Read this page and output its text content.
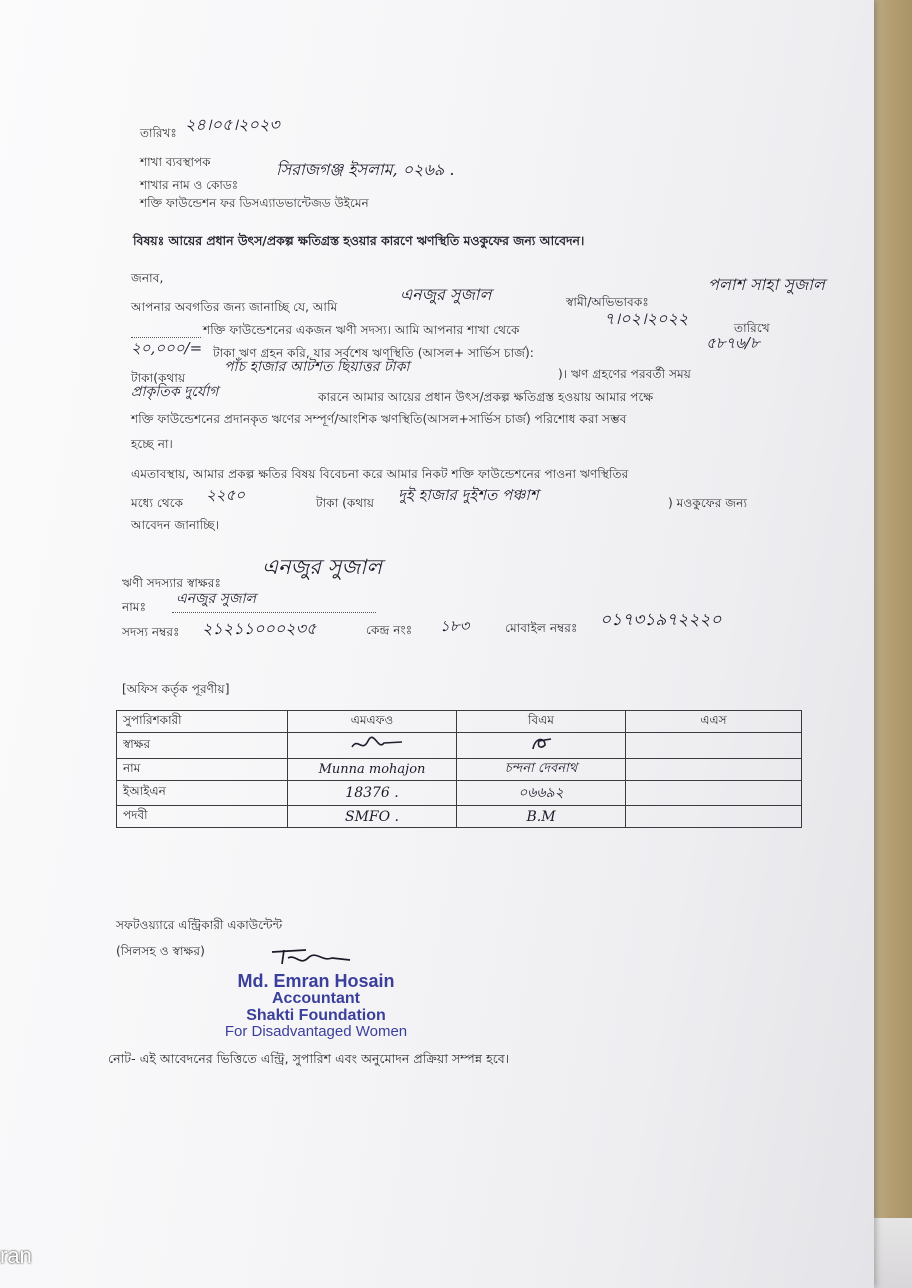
তারিখঃ ২৪।০৫।২০২৩
শাখা ব্যবস্থাপক
শাখার নাম ও কোডঃ
সিরাজগঞ্জ ইসলাম, ০২৬৯ .
শক্তি ফাউন্ডেশন ফর ডিসএ্যাডভান্টেজড উইমেন
বিষয়ঃ আয়ের প্রধান উৎস/প্রকল্প ক্ষতিগ্রস্ত হওয়ার কারণে ঋণস্থিতি মওকুফের জন্য আবেদন।
জনাব,
আপনার অবগতির জন্য জানাচ্ছি যে, আমি
এনজুর সুজাল	স্বামী/অভিভাবকঃ
পলাশ সাহা সুজাল
শক্তি ফাউন্ডেশনের একজন ঋণী সদস্য। আমি আপনার শাখা থেকে
৭।০২।২০২২	তারিখে
২০,০০০/= টাকা ঋণ গ্রহন করি, যার সর্বশেষ ঋণস্থিতি (আসল+ সার্ভিস চার্জ):
৫৮৭৬/৮
টাকা(কথায়
পাঁচ হাজার আটশত ছিয়াত্তর টাকা	)। ঋণ গ্রহণের পরবর্তী সময়
প্রাকৃতিক দুর্যোগ	কারনে আমার আয়ের প্রধান উৎস/প্রকল্প ক্ষতিগ্রস্ত হওয়ায় আমার পক্ষে
শক্তি ফাউন্ডেশনের প্রদানকৃত ঋণের সম্পূর্ণ/আংশিক ঋণস্থিতি(আসল+সার্ভিস চার্জ) পরিশোধ করা সম্ভব
হচ্ছে না।
এমতাবস্থায়, আমার প্রকল্প ক্ষতির বিষয় বিবেচনা করে আমার নিকট শক্তি ফাউন্ডেশনের পাওনা ঋণস্থিতির
মধ্যে থেকে ২২৫০	টাকা (কথায় দুই হাজার দুইশত পঞ্চাশ	) মওকুফের জন্য
আবেদন জানাচ্ছি।
ঋণী সদস্যার স্বাক্ষরঃ
এনজুর সুজাল
নামঃ এনজুর সুজাল
সদস্য নম্বরঃ ২১২১১০০০২৩৫	কেন্দ্র নংঃ ১৮৩	মোবাইল নম্বরঃ ০১৭৩১৯৭২২২০
[অফিস কর্তৃক পূরণীয়]
সুপারিশকারী	এমএফও	বিএম	এএস
স্বাক্ষর			
নাম	Munna mohajon	চন্দনা দেবনাথ	
ইআইএন	18376 .	০৬৬৯২	
পদবী	SMFO .	B.M	
সফটওয়্যারে এন্ট্রিকারী একাউন্টেন্ট
(সিলসহ ও স্বাক্ষর)
Md. Emran Hosain
Accountant
Shakti Foundation
For Disadvantaged Women
নোট- এই আবেদনের ভিত্তিতে এন্ট্রি, সুপারিশ এবং অনুমোদন প্রক্রিয়া সম্পন্ন হবে।
ran
